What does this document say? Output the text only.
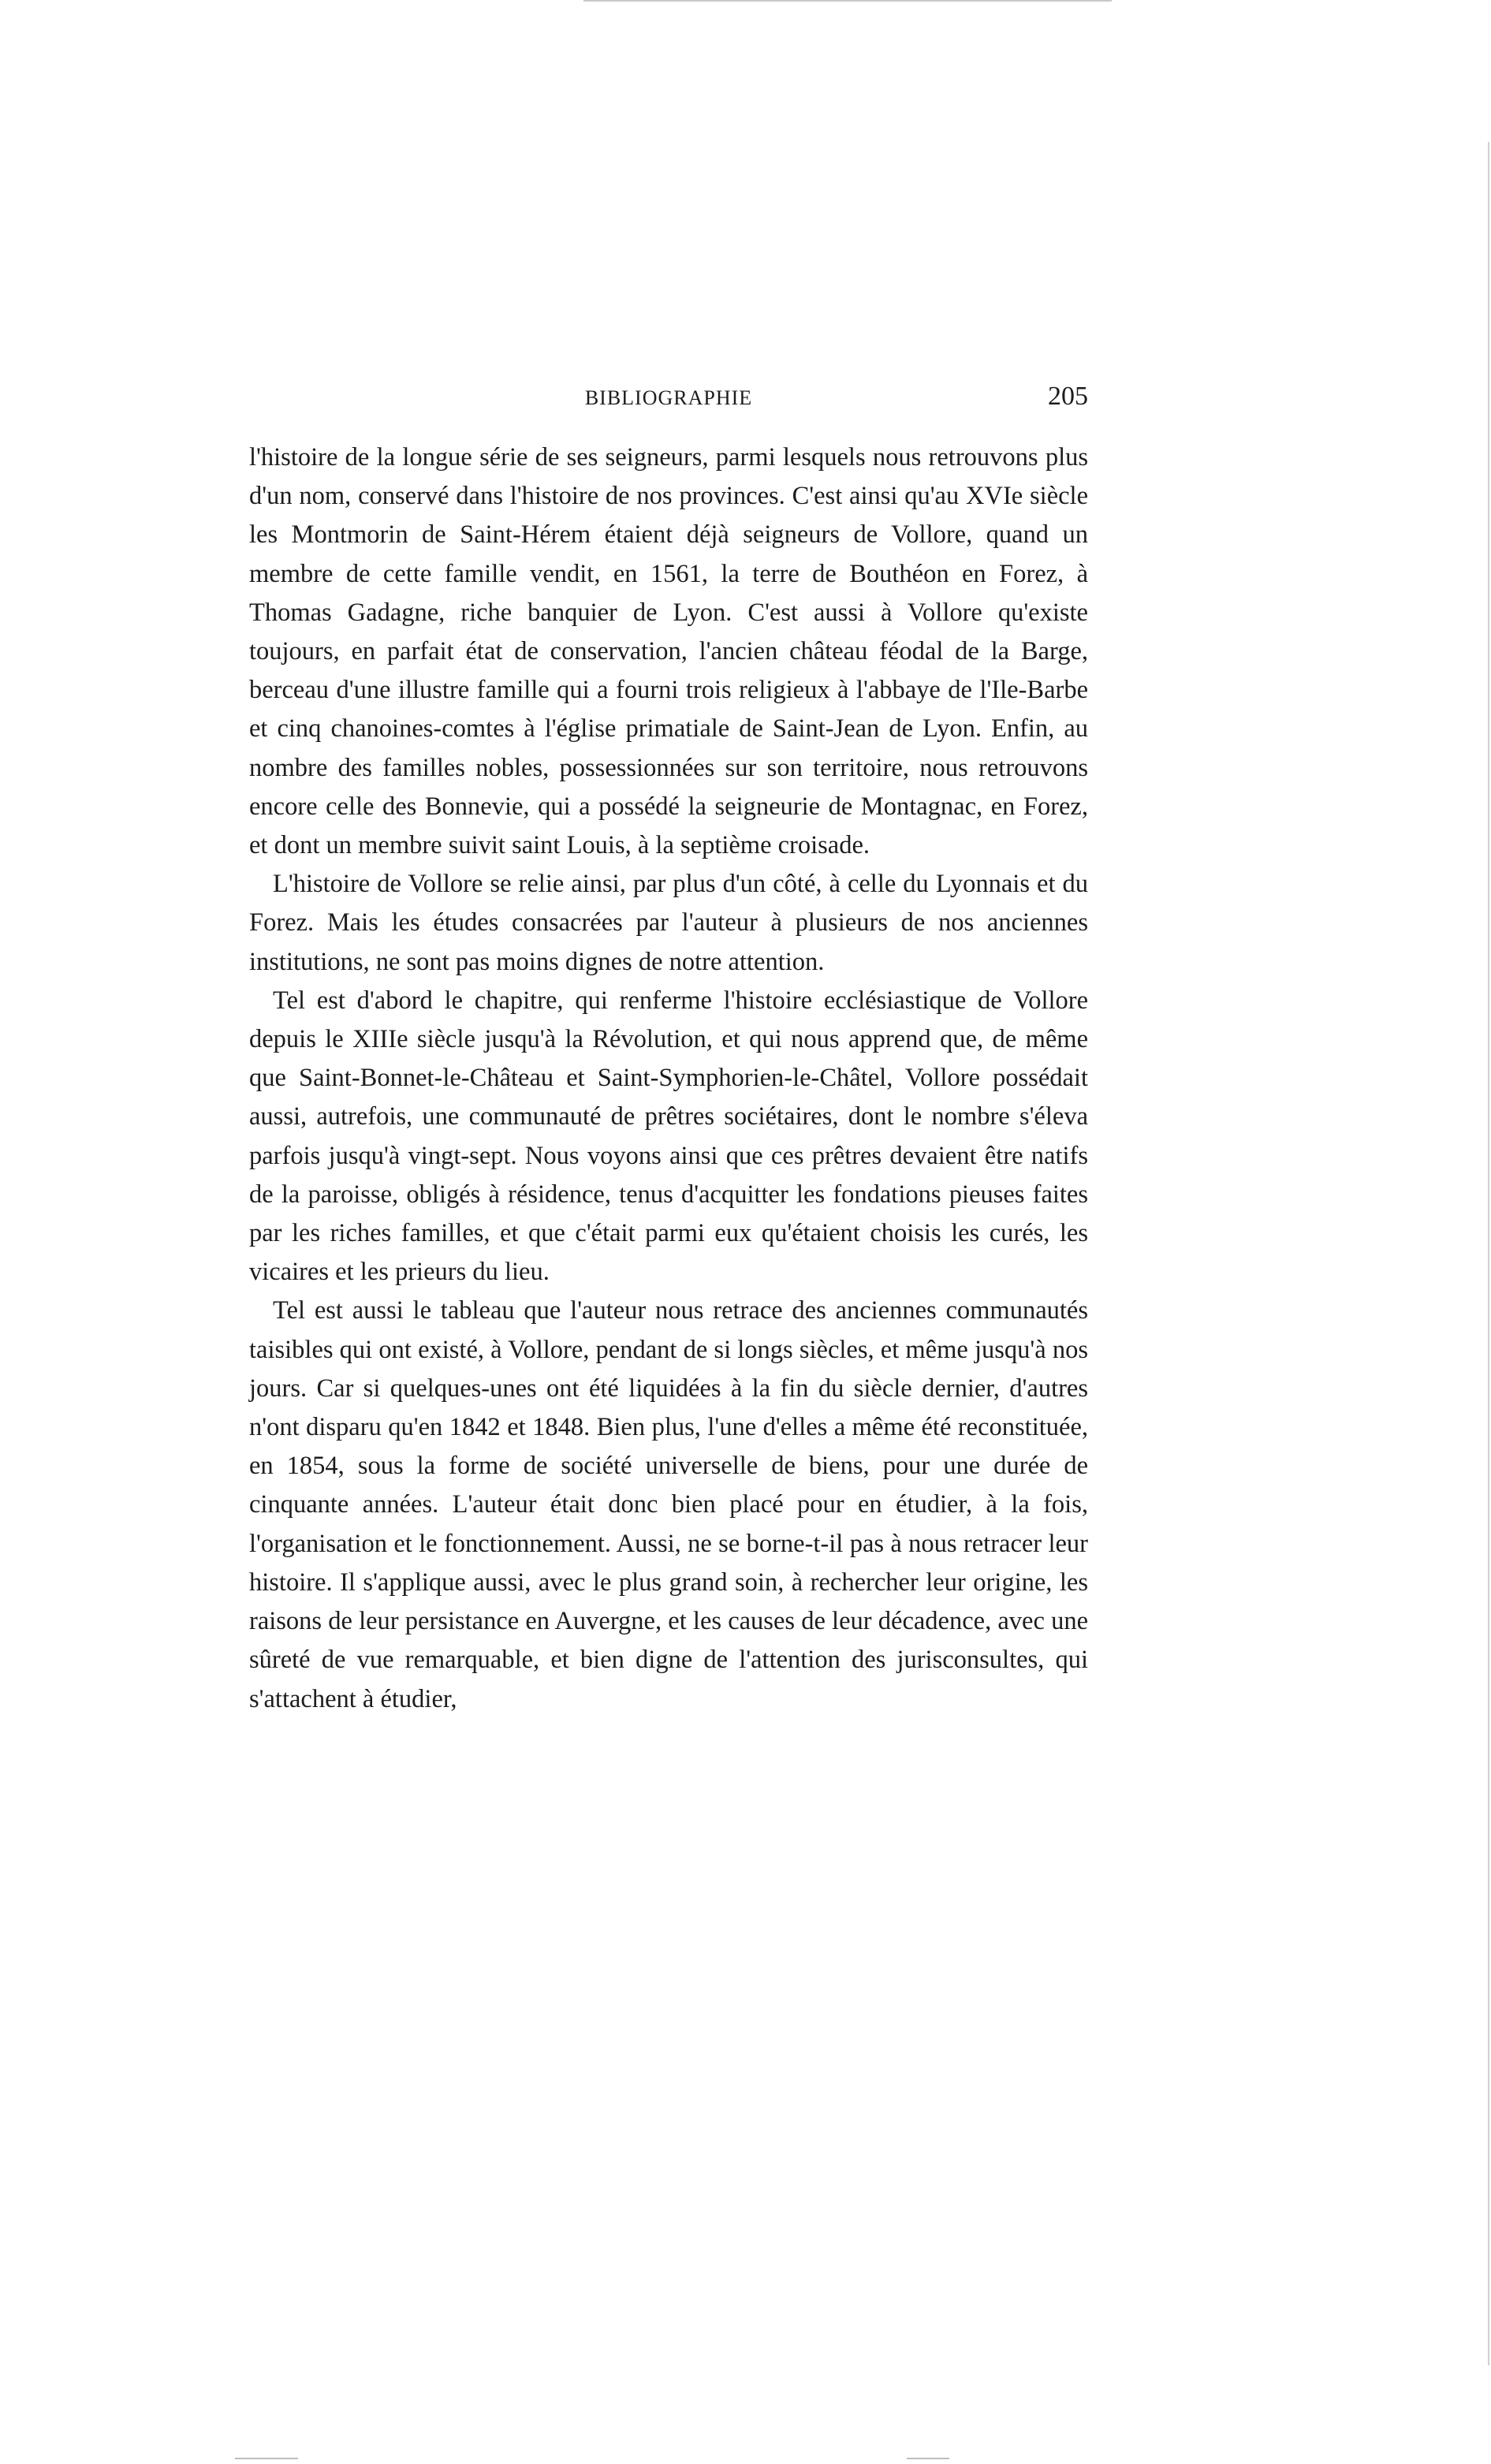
BIBLIOGRAPHIE	205

l'histoire de la longue série de ses seigneurs, parmi lesquels nous retrouvons plus d'un nom, conservé dans l'histoire de nos provinces. C'est ainsi qu'au XVIe siècle les Montmorin de Saint-Hérem étaient déjà seigneurs de Vollore, quand un membre de cette famille vendit, en 1561, la terre de Bouthéon en Forez, à Thomas Gadagne, riche banquier de Lyon. C'est aussi à Vollore qu'existe toujours, en parfait état de conservation, l'ancien château féodal de la Barge, berceau d'une illustre famille qui a fourni trois religieux à l'abbaye de l'Ile-Barbe et cinq chanoines-comtes à l'église primatiale de Saint-Jean de Lyon. Enfin, au nombre des familles nobles, possessionnées sur son territoire, nous retrouvons encore celle des Bonnevie, qui a possédé la seigneurie de Montagnac, en Forez, et dont un membre suivit saint Louis, à la septième croisade.

L'histoire de Vollore se relie ainsi, par plus d'un côté, à celle du Lyonnais et du Forez. Mais les études consacrées par l'auteur à plusieurs de nos anciennes institutions, ne sont pas moins dignes de notre attention.

Tel est d'abord le chapitre, qui renferme l'histoire ecclésiastique de Vollore depuis le XIIIe siècle jusqu'à la Révolution, et qui nous apprend que, de même que Saint-Bonnet-le-Château et Saint-Symphorien-le-Châtel, Vollore possédait aussi, autrefois, une communauté de prêtres sociétaires, dont le nombre s'éleva parfois jusqu'à vingt-sept. Nous voyons ainsi que ces prêtres devaient être natifs de la paroisse, obligés à résidence, tenus d'acquitter les fondations pieuses faites par les riches familles, et que c'était parmi eux qu'étaient choisis les curés, les vicaires et les prieurs du lieu.

Tel est aussi le tableau que l'auteur nous retrace des anciennes communautés taisibles qui ont existé, à Vollore, pendant de si longs siècles, et même jusqu'à nos jours. Car si quelques-unes ont été liquidées à la fin du siècle dernier, d'autres n'ont disparu qu'en 1842 et 1848. Bien plus, l'une d'elles a même été reconstituée, en 1854, sous la forme de société universelle de biens, pour une durée de cinquante années. L'auteur était donc bien placé pour en étudier, à la fois, l'organisation et le fonctionnement. Aussi, ne se borne-t-il pas à nous retracer leur histoire. Il s'applique aussi, avec le plus grand soin, à rechercher leur origine, les raisons de leur persistance en Auvergne, et les causes de leur décadence, avec une sûreté de vue remarquable, et bien digne de l'attention des jurisconsultes, qui s'attachent à étudier,
